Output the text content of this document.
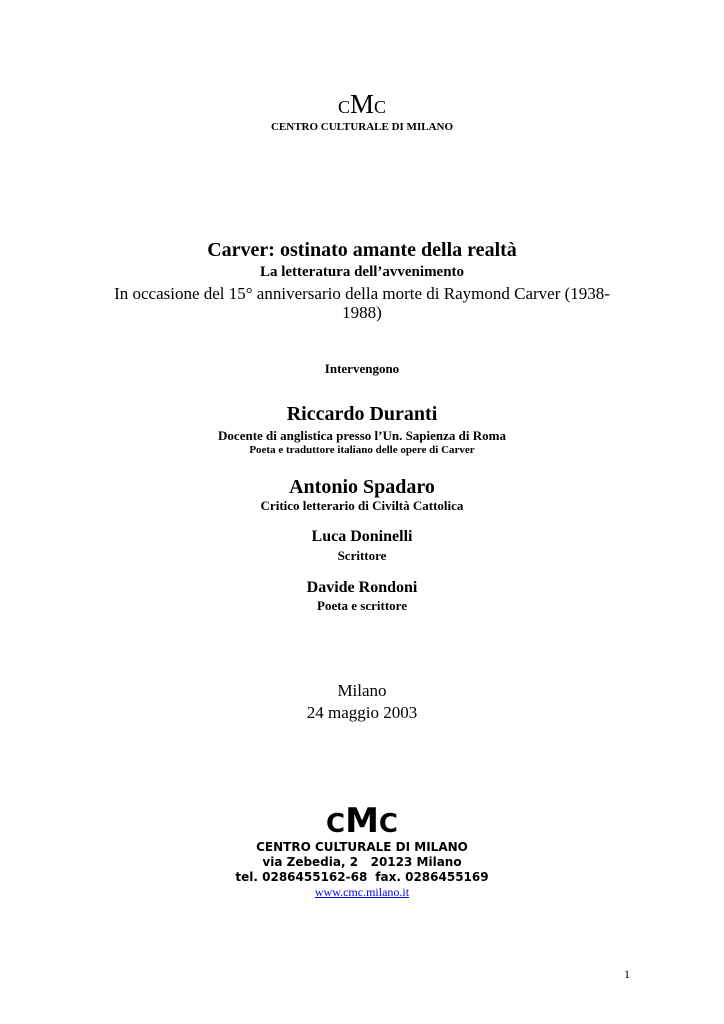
CMC
CENTRO CULTURALE DI MILANO
Carver: ostinato amante della realtà
La letteratura dell’avvenimento
In occasione del 15° anniversario della morte di Raymond Carver (1938-1988)
Intervengono
Riccardo Duranti
Docente di anglistica presso l’Un. Sapienza di Roma
Poeta e traduttore italiano delle opere di Carver
Antonio Spadaro
Critico letterario di Civiltà Cattolica
Luca Doninelli
Scrittore
Davide Rondoni
Poeta e scrittore
Milano
24 maggio 2003
CMC
CENTRO CULTURALE DI MILANO
via Zebedia, 2   20123 Milano
tel. 0286455162-68 fax. 0286455169
www.cmc.milano.it
1
